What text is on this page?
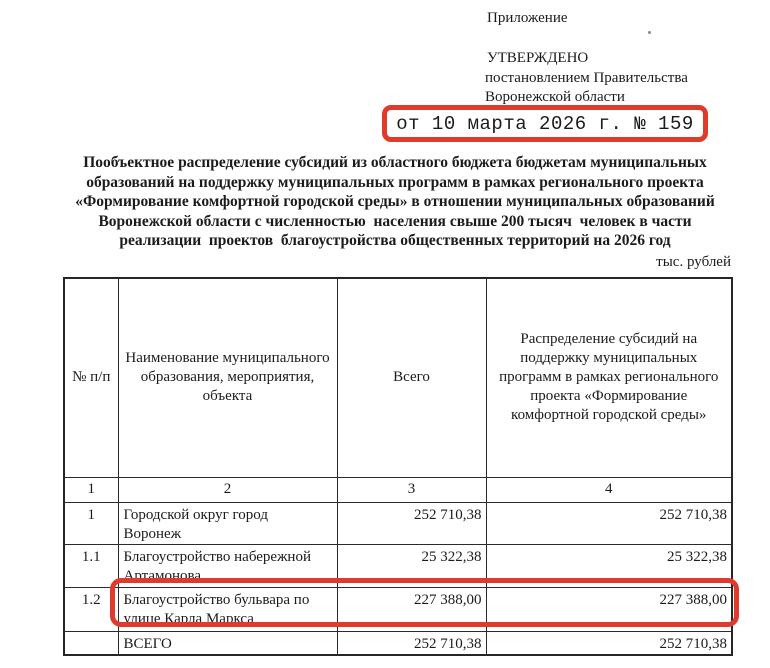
Приложение
УТВЕРЖДЕНО
постановлением Правительства
Воронежской области
от 10 марта 2026 г. № 159
Пообъектное распределение субсидий из областного бюджета бюджетам муниципальных
образований на поддержку муниципальных программ в рамках регионального проекта
«Формирование комфортной городской среды» в отношении муниципальных образований
Воронежской области с численностью  населения свыше 200 тысяч  человек в части
реализации  проектов  благоустройства общественных территорий на 2026 год
тыс. рублей
№ п/п	Наименование муниципального образования, мероприятия, объекта	Всего	Распределение субсидий на поддержку муниципальных программ в рамках регионального проекта «Формирование комфортной городской среды»
1	2	3	4
1	Городской округ город Воронеж	252 710,38	252 710,38
1.1	Благоустройство набережной Артамонова	25 322,38	25 322,38
1.2	Благоустройство бульвара по улице Карла Маркса	227 388,00	227 388,00
	ВСЕГО	252 710,38	252 710,38
